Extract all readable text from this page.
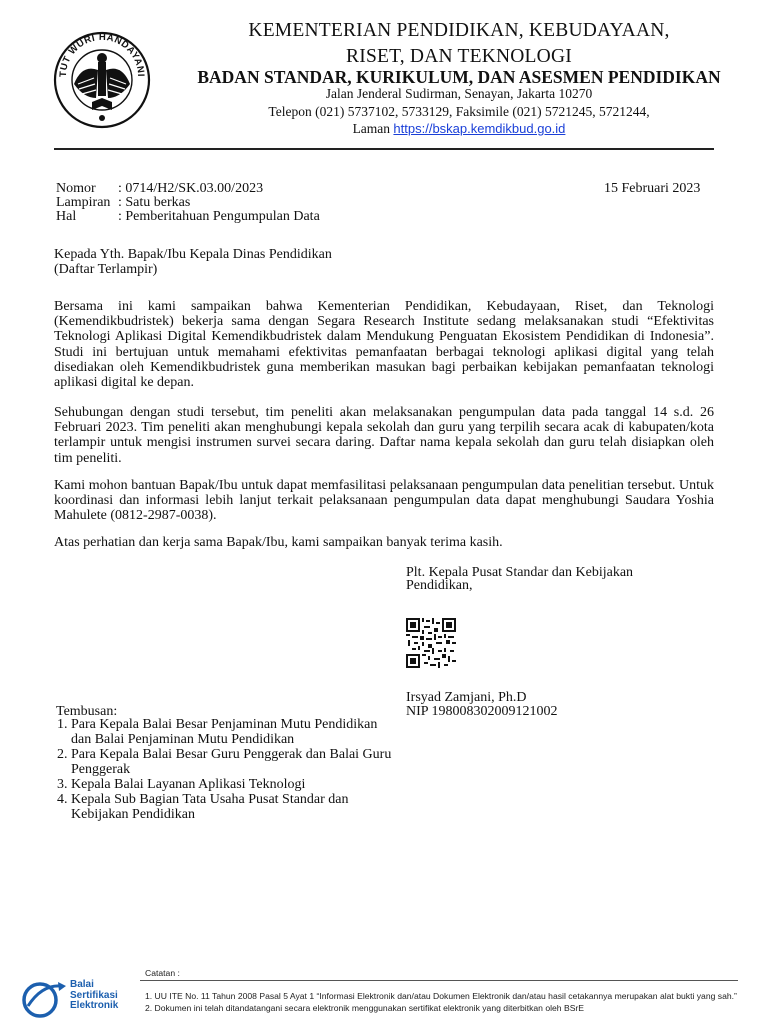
TUT WURI HANDAYANI
KEMENTERIAN PENDIDIKAN, KEBUDAYAAN,
RISET, DAN TEKNOLOGI
BADAN STANDAR, KURIKULUM, DAN ASESMEN PENDIDIKAN
Jalan Jenderal Sudirman, Senayan, Jakarta 10270
Telepon (021) 5737102, 5733129, Faksimile (021) 5721245, 5721244,
Laman https://bskap.kemdikbud.go.id
Nomor	: 0714/H2/SK.03.00/2023	15 Februari 2023
Lampiran : Satu berkas
Hal	: Pemberitahuan Pengumpulan Data
Kepada Yth. Bapak/Ibu Kepala Dinas Pendidikan
(Daftar Terlampir)
Bersama ini kami sampaikan bahwa Kementerian Pendidikan, Kebudayaan, Riset, dan Teknologi (Kemendikbudristek) bekerja sama dengan Segara Research Institute sedang melaksanakan studi “Efektivitas Teknologi Aplikasi Digital Kemendikbudristek dalam Mendukung Penguatan Ekosistem Pendidikan di Indonesia”. Studi ini bertujuan untuk memahami efektivitas pemanfaatan berbagai teknologi aplikasi digital yang telah disediakan oleh Kemendikbudristek guna memberikan masukan bagi perbaikan kebijakan pemanfaatan teknologi aplikasi digital ke depan.
Sehubungan dengan studi tersebut, tim peneliti akan melaksanakan pengumpulan data pada tanggal 14 s.d. 26 Februari 2023. Tim peneliti akan menghubungi kepala sekolah dan guru yang terpilih secara acak di kabupaten/kota terlampir untuk mengisi instrumen survei secara daring. Daftar nama kepala sekolah dan guru telah disiapkan oleh tim peneliti.
Kami mohon bantuan Bapak/Ibu untuk dapat memfasilitasi pelaksanaan pengumpulan data penelitian tersebut. Untuk koordinasi dan informasi lebih lanjut terkait pelaksanaan pengumpulan data dapat menghubungi Saudara Yoshia Mahulete (0812-2987-0038).
Atas perhatian dan kerja sama Bapak/Ibu, kami sampaikan banyak terima kasih.
Plt. Kepala Pusat Standar dan Kebijakan
Pendidikan,
Irsyad Zamjani, Ph.D
NIP 198008302009121002
Tembusan:
1. Para Kepala Balai Besar Penjaminan Mutu Pendidikan dan Balai Penjaminan Mutu Pendidikan
2. Para Kepala Balai Besar Guru Penggerak dan Balai Guru Penggerak
3. Kepala Balai Layanan Aplikasi Teknologi
4. Kepala Sub Bagian Tata Usaha Pusat Standar dan Kebijakan Pendidikan
Balai
Sertifikasi
Elektronik
Catatan :
1. UU ITE No. 11 Tahun 2008 Pasal 5 Ayat 1 “Informasi Elektronik dan/atau Dokumen Elektronik dan/atau hasil cetakannya merupakan alat bukti yang sah.”
2. Dokumen ini telah ditandatangani secara elektronik menggunakan sertifikat elektronik yang diterbitkan oleh BSrE
